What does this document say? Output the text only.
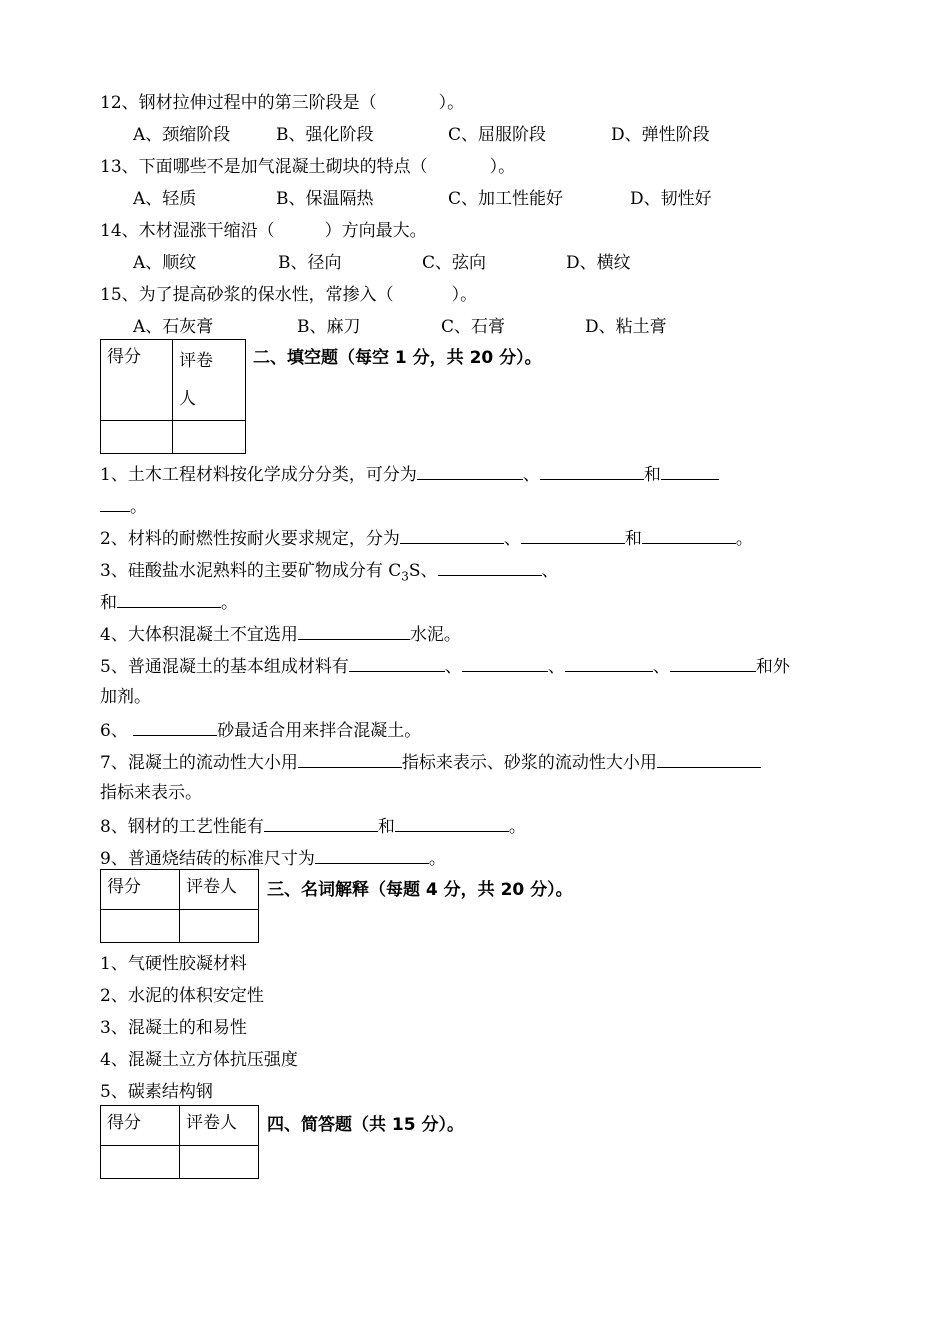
12、钢材拉伸过程中的第三阶段是（	）。
A、颈缩阶段	B、强化阶段	C、屈服阶段	D、弹性阶段
13、下面哪些不是加气混凝土砌块的特点（	）。
A、轻质	B、保温隔热	C、加工性能好	D、韧性好
14、木材湿涨干缩沿（	）方向最大。
A、顺纹	B、径向	C、弦向	D、横纹
15、为了提高砂浆的保水性，常掺入（	）。
A、石灰膏	B、麻刀	C、石膏	D、粘土膏
得分	评卷
人

二、填空题（每空 1 分，共 20 分）。
1、土木工程材料按化学成分分类，可分为	、	和
。
2、材料的耐燃性按耐火要求规定，分为	、	和	。
3、硅酸盐水泥熟料的主要矿物成分有 $C_3S$、	、
和	。
4、大体积混凝土不宜选用	水泥。
5、普通混凝土的基本组成材料有	、	、	、	和外
加剂。
6、	砂最适合用来拌合混凝土。
7、混凝土的流动性大小用	指标来表示、砂浆的流动性大小用
指标来表示。
8、钢材的工艺性能有	和	。
9、普通烧结砖的标准尺寸为	。
得分	评卷人
	三、名词解释（每题 4 分，共 20 分）。
1、气硬性胶凝材料
2、水泥的体积安定性
3、混凝土的和易性
4、混凝土立方体抗压强度
5、碳素结构钢
得分	评卷人
	四、简答题（共 15 分）。
